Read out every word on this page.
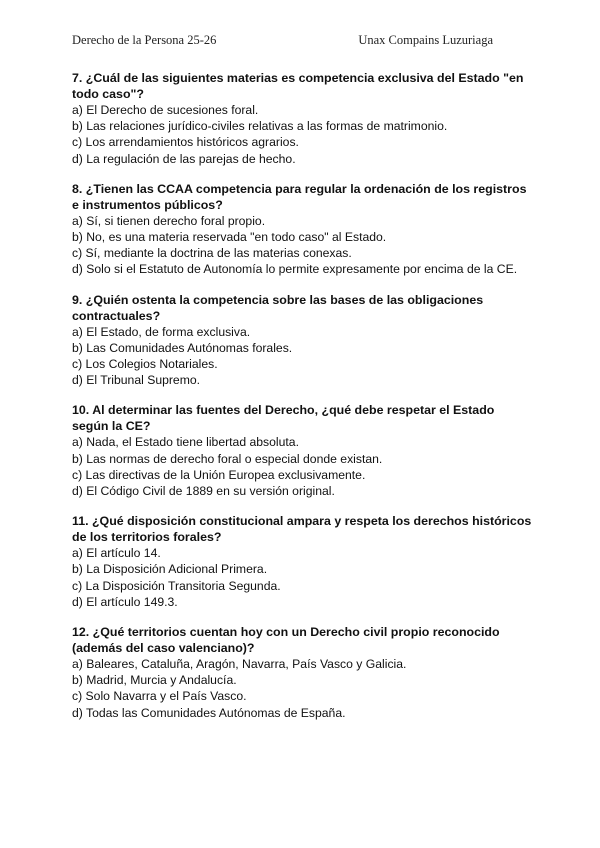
Derecho de la Persona 25-26	Unax Compains Luzuriaga
7. ¿Cuál de las siguientes materias es competencia exclusiva del Estado "en todo caso"?
a) El Derecho de sucesiones foral.
b) Las relaciones jurídico-civiles relativas a las formas de matrimonio.
c) Los arrendamientos históricos agrarios.
d) La regulación de las parejas de hecho.
8. ¿Tienen las CCAA competencia para regular la ordenación de los registros e instrumentos públicos?
a) Sí, si tienen derecho foral propio.
b) No, es una materia reservada "en todo caso" al Estado.
c) Sí, mediante la doctrina de las materias conexas.
d) Solo si el Estatuto de Autonomía lo permite expresamente por encima de la CE.
9. ¿Quién ostenta la competencia sobre las bases de las obligaciones contractuales?
a) El Estado, de forma exclusiva.
b) Las Comunidades Autónomas forales.
c) Los Colegios Notariales.
d) El Tribunal Supremo.
10. Al determinar las fuentes del Derecho, ¿qué debe respetar el Estado según la CE?
a) Nada, el Estado tiene libertad absoluta.
b) Las normas de derecho foral o especial donde existan.
c) Las directivas de la Unión Europea exclusivamente.
d) El Código Civil de 1889 en su versión original.
11. ¿Qué disposición constitucional ampara y respeta los derechos históricos de los territorios forales?
a) El artículo 14.
b) La Disposición Adicional Primera.
c) La Disposición Transitoria Segunda.
d) El artículo 149.3.
12. ¿Qué territorios cuentan hoy con un Derecho civil propio reconocido (además del caso valenciano)?
a) Baleares, Cataluña, Aragón, Navarra, País Vasco y Galicia.
b) Madrid, Murcia y Andalucía.
c) Solo Navarra y el País Vasco.
d) Todas las Comunidades Autónomas de España.
